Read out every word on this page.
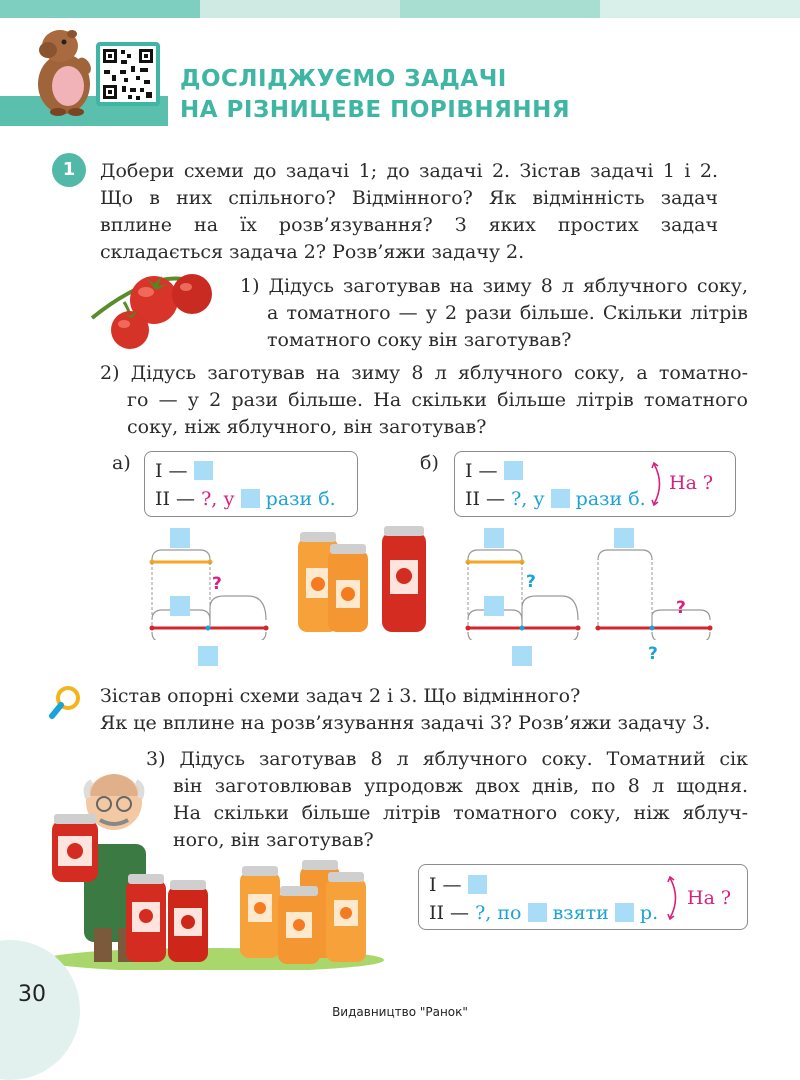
ДОСЛІДЖУЄМО ЗАДАЧІ
НА РІЗНИЦЕВЕ ПОРІВНЯННЯ
1	Добери схеми до задачі 1; до задачі 2. Зістав задачі 1 і 2.
Що в них спільного? Відмінного? Як відмінність задач
вплине на їх розв’язування? З яких простих задач
складається задача 2? Розв’яжи задачу 2.
1) Дідусь заготував на зиму 8 л яблучного соку,
а томатного — у 2 рази більше. Скільки літрів
томатного соку він заготував?
2) Дідусь заготував на зиму 8 л яблучного соку, а томатно-
го — у 2 рази більше. На скільки більше літрів томатного
соку, ніж яблучного, він заготував?
а) I —
II — ?, у рази б.
б) I —
II — ?, у рази б.
На ?
?	?
?
?
Зістав опорні схеми задач 2 і 3. Що відмінного?
Як це вплине на розв’язування задачі 3? Розв’яжи задачу 3.
3) Дідусь заготував 8 л яблучного соку. Томатний сік
він заготовлював упродовж двох днів, по 8 л щодня.
На скільки більше літрів томатного соку, ніж яблуч-
ного, він заготував?
I —
II — ?, по взяти р.
На ?
30
Видавництво "Ранок"
